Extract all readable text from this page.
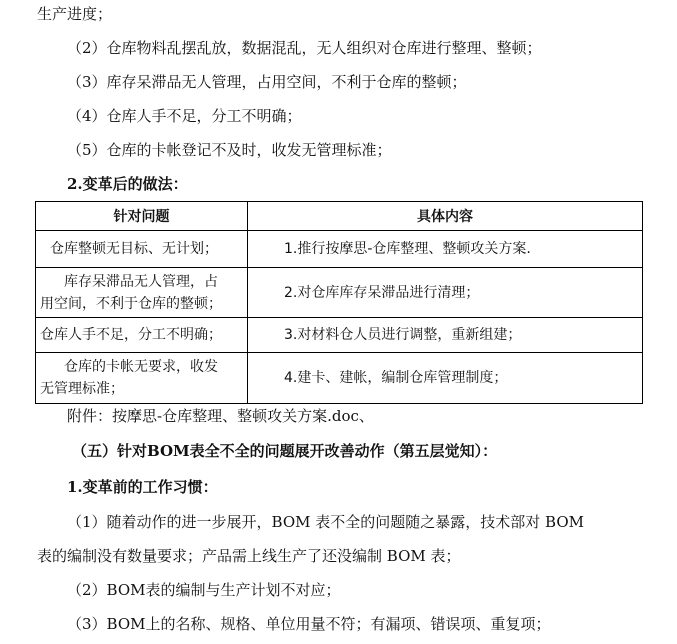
生产进度；
（2）仓库物料乱摆乱放，数据混乱，无人组织对仓库进行整理、整顿；
（3）库存呆滞品无人管理，占用空间，不利于仓库的整顿；
（4）仓库人手不足，分工不明确；
（5）仓库的卡帐登记不及时，收发无管理标准；
2.变革后的做法：
针对问题	具体内容
仓库整顿无目标、无计划；	1.推行按摩思-仓库整理、整顿攻关方案.

库存呆滞品无人管理，占
用空间，不利于仓库的整顿；	2.对仓库库存呆滞品进行清理；
仓库人手不足，分工不明确；	3.对材料仓人员进行调整，重新组建；

仓库的卡帐无要求，收发
无管理标准；	4.建卡、建帐，编制仓库管理制度；
附件：按摩思-仓库整理、整顿攻关方案.doc、
（五）针对BOM表全不全的问题展开改善动作（第五层觉知）：
1.变革前的工作习惯：
（1）随着动作的进一步展开，BOM 表不全的问题随之暴露，技术部对 BOM
表的编制没有数量要求；产品需上线生产了还没编制 BOM 表；
（2）BOM表的编制与生产计划不对应；
（3）BOM上的名称、规格、单位用量不符；有漏项、错误项、重复项；
